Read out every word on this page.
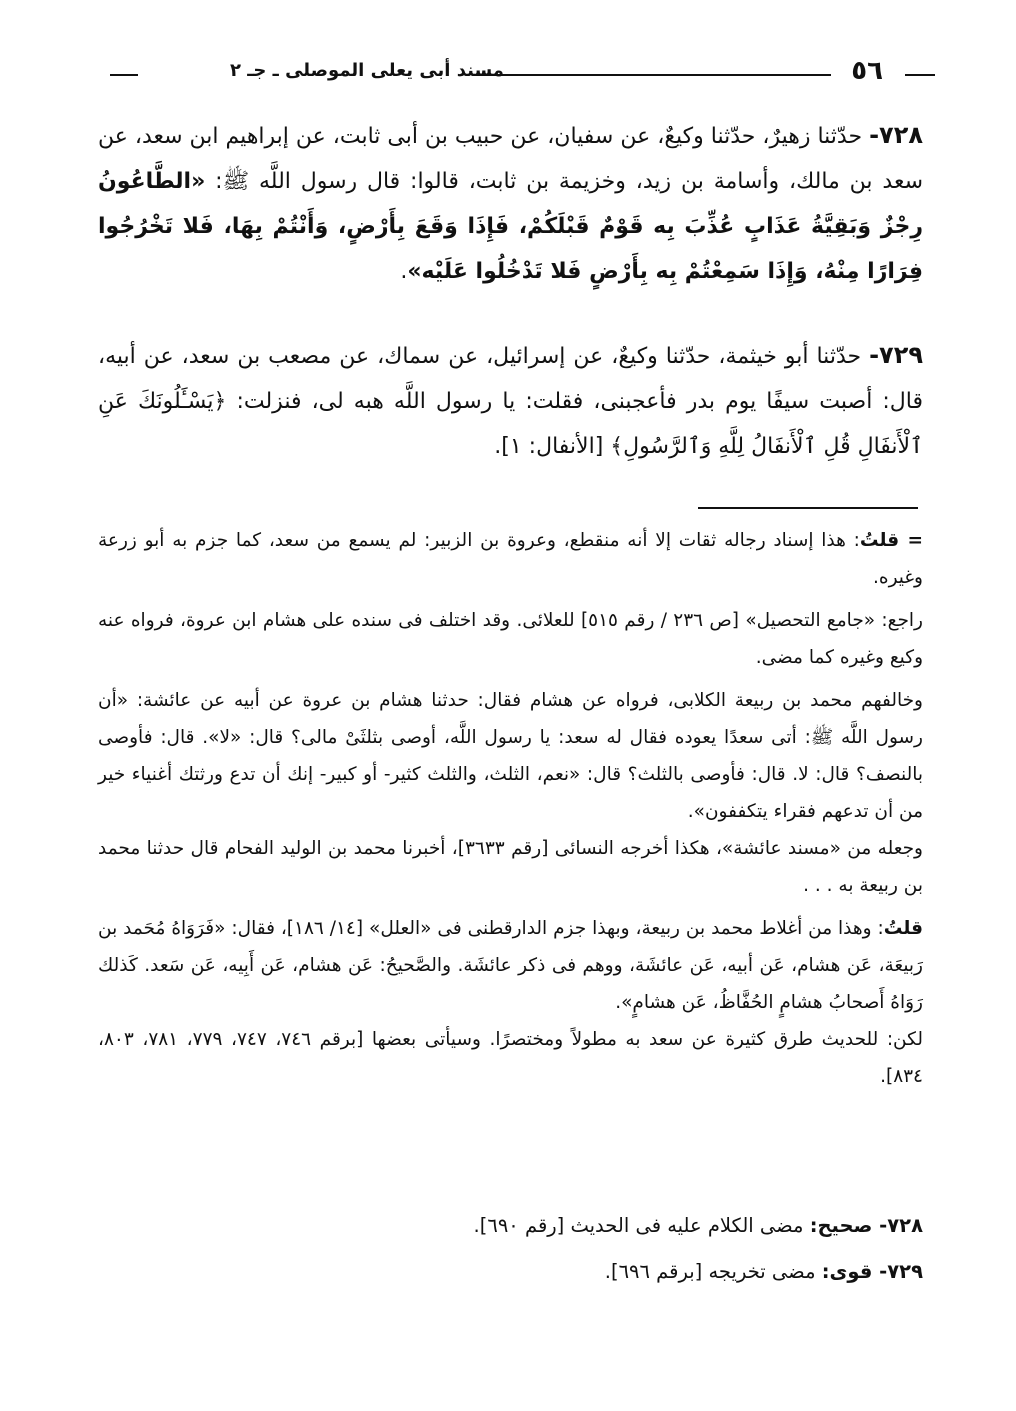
٥٦
مسند أبى يعلى الموصلى ـ جـ ٢
٧٢٨- حدّثنا زهيرٌ، حدّثنا وكيعٌ، عن سفيان، عن حبيب بن أبى ثابت، عن إبراهيم ابن سعد، عن سعد بن مالك، وأسامة بن زيد، وخزيمة بن ثابت، قالوا: قال رسول اللَّه ﷺ: «الطَّاعُونُ رِجْزٌ وَبَقِيَّةُ عَذَابٍ عُذِّبَ بِه قَوْمٌ قَبْلَكُمْ، فَإِذَا وَقَعَ بِأَرْضٍ، وَأَنْتُمْ بِهَا، فَلا تَخْرُجُوا فِرَارًا مِنْهُ، وَإِذَا سَمِعْتُمْ بِه بِأَرْضٍ فَلا تَدْخُلُوا عَلَيْه».
٧٢٩- حدّثنا أبو خيثمة، حدّثنا وكيعٌ، عن إسرائيل، عن سماك، عن مصعب بن سعد، عن أبيه، قال: أصبت سيفًا يوم بدر فأعجبنى، فقلت: يا رسول اللَّه هبه لى، فنزلت: ﴿يَسْـَٔلُونَكَ عَنِ ٱلْأَنفَالِ قُلِ ٱلْأَنفَالُ لِلَّهِ وَٱلرَّسُولِ﴾ [الأنفال: ١].

= قلتُ: هذا إسناد رجاله ثقات إلا أنه منقطع، وعروة بن الزبير: لم يسمع من سعد، كما جزم به أبو زرعة وغيره.

راجع: «جامع التحصيل» [ص ٢٣٦ / رقم ٥١٥] للعلائى. وقد اختلف فى سنده على هشام ابن عروة، فرواه عنه وكيع وغيره كما مضى.

وخالفهم محمد بن ربيعة الكلابى، فرواه عن هشام فقال: حدثنا هشام بن عروة عن أبيه عن عائشة: «أن رسول اللَّه ﷺ: أتى سعدًا يعوده فقال له سعد: يا رسول اللَّه، أوصى بثلثَىْ مالى؟ قال: «لا». قال: فأوصى بالنصف؟ قال: لا. قال: فأوصى بالثلث؟ قال: «نعم، الثلث، والثلث كثير- أو كبير- إنك أن تدع ورثتك أغنياء خير من أن تدعهم فقراء يتكففون».

وجعله من «مسند عائشة»، هكذا أخرجه النسائى [رقم ٣٦٣٣]، أخبرنا محمد بن الوليد الفحام قال حدثنا محمد بن ربيعة به . . .

قلتُ: وهذا من أغلاط محمد بن ربيعة، وبهذا جزم الدارقطنى فى «العلل» [١٤/ ١٨٦]، فقال: «فَرَوَاهُ مُحَمد بن رَبيعَة، عَن هشام، عَن أبيه، عَن عائشَة، ووهم فى ذكر عائشَة. والصَّحيحُ: عَن هشام، عَن أَبِيه، عَن سَعد. كَذلك رَوَاهُ أَصحابُ هشامٍ الحُفَّاظُ، عَن هشامٍ».

لكن: للحديث طرق كثيرة عن سعد به مطولاً ومختصرًا. وسيأتى بعضها [برقم ٧٤٦، ٧٤٧، ٧٧٩، ٧٨١، ٨٠٣، ٨٣٤].

٧٢٨- صحيح: مضى الكلام عليه فى الحديث [رقم ٦٩٠].
٧٢٩- قوى: مضى تخريجه [برقم ٦٩٦].
